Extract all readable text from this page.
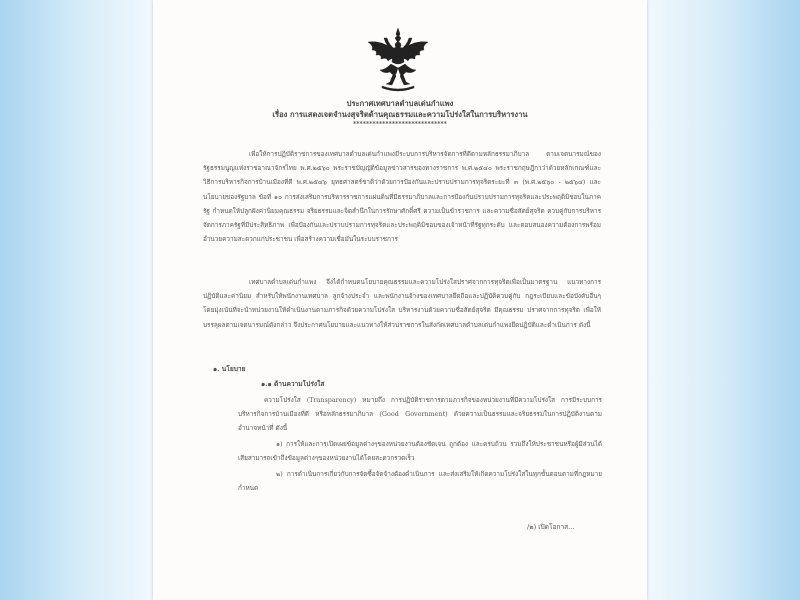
ประกาศเทศบาลตำบลเด่นกำแพง
เรื่อง การแสดงเจตจำนงสุจริตด้านคุณธรรมและความโปร่งใสในการบริหารงาน
*****************************
เพื่อให้การปฏิบัติราชการของเทศบาลตำบลเด่นกำแพงมีระบบการบริหารจัดการที่ดีตามหลักธรรมาภิบาล ตามเจตนารมณ์ของรัฐธรรมนูญแห่งราชอาณาจักรไทย พ.ศ.๒๕๖๐ พระราชบัญญัติข้อมูลข่าวสารของทางราชการ พ.ศ.๒๕๔๐ พระราชกฤษฎีกาว่าด้วยหลักเกณฑ์และวิธีการบริหารกิจการบ้านเมืองที่ดี พ.ศ.๒๕๔๖ ยุทธศาสตร์ชาติว่าด้วยการป้องกันและปราบปรามการทุจริตระยะที่ ๓ (พ.ศ.๒๕๖๐ - ๒๕๖๔) และนโยบายของรัฐบาล ข้อที่ ๑๐ การส่งเสริมการบริหารราชการแผ่นดินที่มีธรรมาภิบาลและการป้องกันปราบปรามการทุจริตและประพฤติมิชอบในภาครัฐ กำหนดให้ปลูกฝังค่านิยมคุณธรรม จริยธรรมและจิตสำนึกในการรักษาศักดิ์ศรี ความเป็นข้าราชการ และความซื่อสัตย์สุจริต ควบคู่กับการบริหารจัดการภาครัฐที่มีประสิทธิภาพ เพื่อป้องกันและปราบปรามการทุจริตและประพฤติมิชอบของเจ้าหน้าที่รัฐทุกระดับ และตอบสนองความต้องการพร้อมอำนวยความสะดวกแก่ประชาชน เพื่อสร้างความเชื่อมั่นในระบบราชการ
เทศบาลตำบลเด่นกำแพง จึงได้กำหนดนโยบายคุณธรรมและความโปร่งใสปราศจากการทุจริตเพื่อเป็นมาตรฐาน แนวทางการปฏิบัติและค่านิยม สำหรับให้พนักงานเทศบาล ลูกจ้างประจำ และพนักงานจ้างของเทศบาลยึดถือและปฏิบัติควบคู่กับ กฎระเบียบและข้อบังคับอื่นๆ โดยมุ่งเน้นที่จะนำหน่วยงานให้ดำเนินงานตามภารกิจด้วยความโปร่งใส บริหารงานด้วยความซื่อสัตย์สุจริต มีคุณธรรม ปราศจากการทุจริต เพื่อให้บรรลุผลตามเจตนารมณ์ดังกล่าว จึงประกาศนโยบายและแนวทางให้ส่วนราชการในสังกัดเทศบาลตำบลเด่นกำแพงยึดปฏิบัติและดำเนินการ ดังนี้
๑. นโยบาย
๑.๑ ด้านความโปร่งใส
ความโปร่งใส (Transparency) หมายถึง การปฏิบัติราชการตามภารกิจของหน่วยงานที่มีความโปร่งใส การมีระบบการบริหารกิจการบ้านเมืองที่ดี หรือหลักธรรมาภิบาล (Good Government) ด้วยความเป็นธรรมและจริยธรรมในการปฏิบัติงานตามอำนาจหน้าที่ ดังนี้
๑) การให้และการเปิดเผยข้อมูลต่างๆของหน่วยงานต้องชัดเจน ถูกต้อง และครบถ้วน รวมถึงให้ประชาชนหรือผู้มีส่วนได้เสียสามารถเข้าถึงข้อมูลต่างๆของหน่วยงานได้โดยสะดวกรวดเร็ว
๒) การดำเนินการเกี่ยวกับการจัดซื้อจัดจ้างต้องดำเนินการ และส่งเสริมให้เกิดความโปร่งใสในทุกขั้นตอนตามที่กฎหมายกำหนด
/๒) เปิดโอกาส...
